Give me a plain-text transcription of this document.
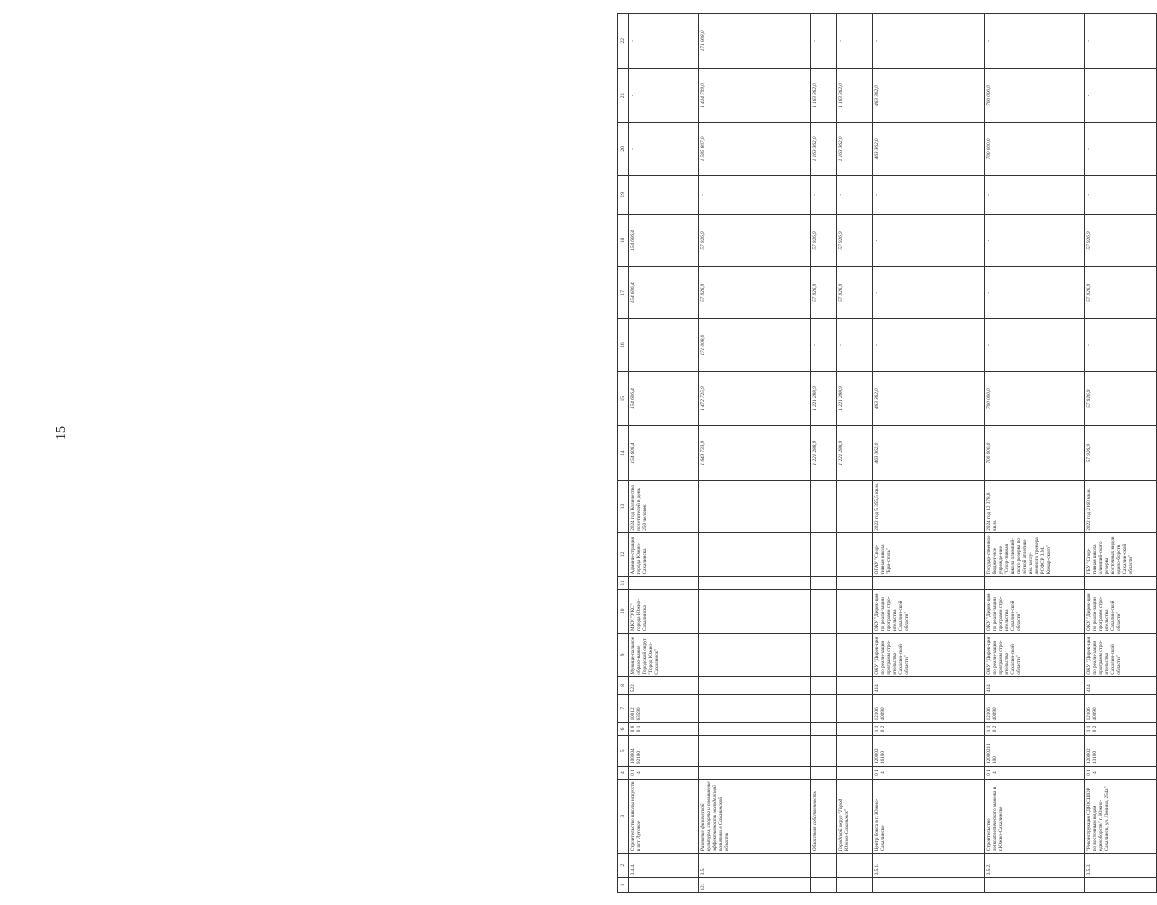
15
1	2	3	4	5	6	7	8	9	10	11	12	13	14	15	16	17	18	19	20	21	22
	3.4.4.	Строительство школы искусств в пгт Луговое	0 1 4	100004 92100	0 8 0 1	10012 63590	522	Муници-пальное образо-вание Городской округ "Город Южно-Сахалинск"	МКУ "УКС" города Южно-Сахалинска		Админи-страция города Южно-Сахалинска	2024 год Количество посетителей в день 250 человек	154 606,4	154 606,4		154 606,4	154 606,4		-	-	-
12.	3.5.	Развитие физической культуры, спорта и повышение эффективности молодежной политики в Сахалинской области											1 643 733,9	1 472 725,9	171 008,0	57 926,9	57 926,9	-	1 585 807,0	1 414 799,0	171 008,0
		Областная собственность											1 221 288,9	1 221 288,9	-	57 926,9	57 926,9	-	1 163 362,0	1 163 362,0	-
		Городской округ "Город Южно-Сахалинск"											1 221 288,9	1 221 288,9	-	57 926,9	57 926,9	-	1 163 362,0	1 163 362,0	-
	3.5.1.	Центр бокса в г. Южно-Сахалинске	0 1 4	120002 16100	1 1 0 2	12106 40090	414	ОКУ "Дирек-ция по реали-зации программ стро-ительства Сахалин-ской области"	ОКУ "Дирек-ция по реали-зации программ стро-ительства Сахалин-ской области"		ОГАУ "Спор-тивная школа "Бри-столь"	2022 год 5 355,5 кв.м.	463 362,0	463 362,0	-	-	-	-	463 362,0	463 362,0	-
	3.5.2.	Строительство легкоатлетического манежа в г.Южно-Сахалинске	0 1 4	12000211 100	1 1 0 2	12106 40090	414	ОКУ "Дирек-ция по реали-зации программ стро-ительства Сахалин-ской области"	ОКУ "Дирек-ция по реали-зации программ стро-ительства Сахалин-ской области"		Государ-ственное бюджет-ное учрежде-ние "Спор-тивная школа олимпий-ского резерва по лёгкой атлетике им. заслу-женного тренера РСФСР З.М. Комар-ского"	2024 год 12 378,8 кв.м.	700 000,0	700 000,0	-	-	-	-	700 000,0	700 000,0	-
	3.5.3.	"Реконструкция СДЮСШОР по восточным видам единоборств" г. Южно-Сахалинск, ул. Ленина, 254а"	0 1 4	120002 13100	1 1 0 2	12106 40090	414	ОКУ "Дирек-ция по реали-зации программ стро-ительства Сахалин-ской области"	ОКУ "Дирек-ция по реали-зации программ стро-ительства Сахалин-ской области"		ГБУ "Спор-тивная школа олимпий-ского резерва восточных видов едино-борств Сахалин-ской области"	2022 год 2160 кв.м.	57 926,9	57 926,9	-	57 926,9	57 926,9	-	-	-	-
